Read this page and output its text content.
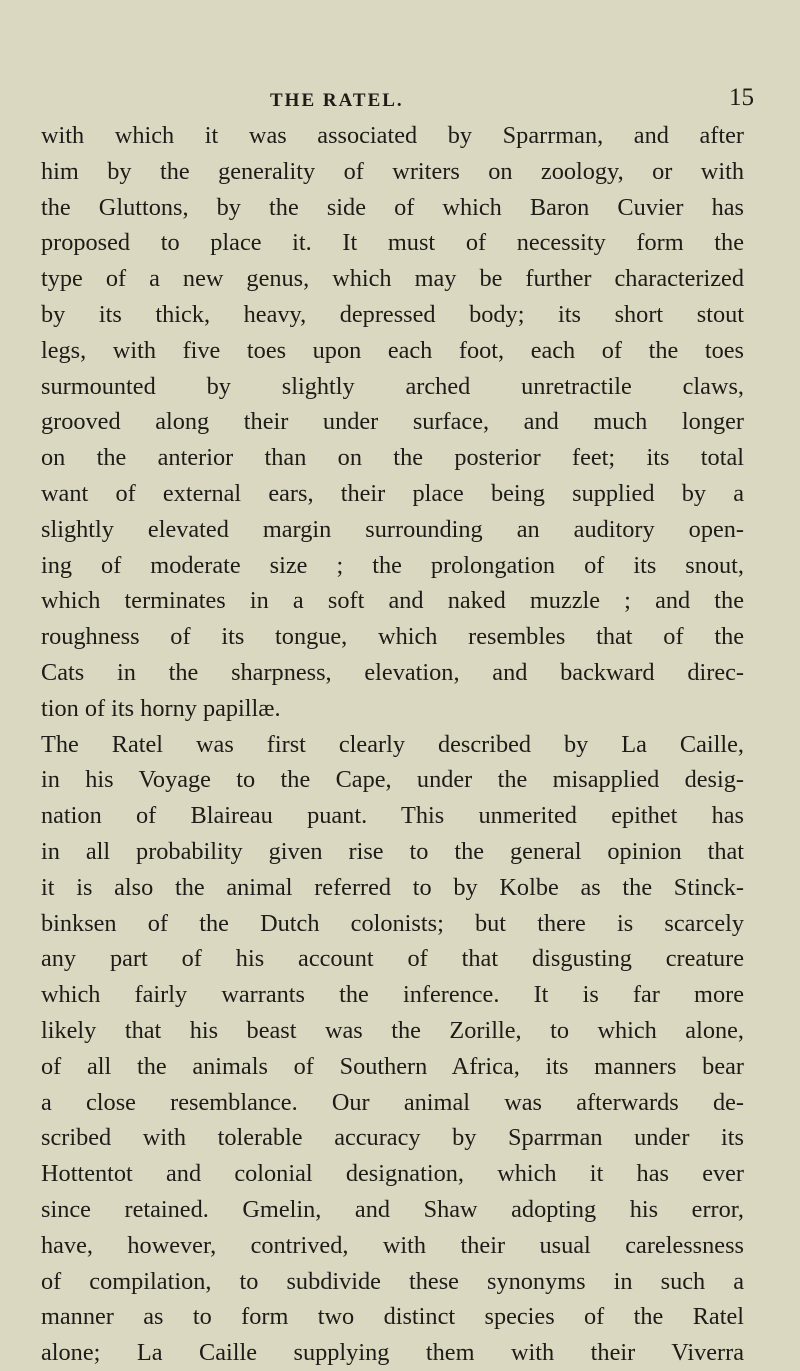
THE RATEL.	15
with which it was associated by Sparrman, and after
him by the generality of writers on zoology, or with
the Gluttons, by the side of which Baron Cuvier has
proposed to place it. It must of necessity form the
type of a new genus, which may be further characterized
by its thick, heavy, depressed body; its short stout
legs, with five toes upon each foot, each of the toes
surmounted by slightly arched unretractile claws,
grooved along their under surface, and much longer
on the anterior than on the posterior feet; its total
want of external ears, their place being supplied by a
slightly elevated margin surrounding an auditory open-
ing of moderate size ; the prolongation of its snout,
which terminates in a soft and naked muzzle ; and the
roughness of its tongue, which resembles that of the
Cats in the sharpness, elevation, and backward direc-
tion of its horny papillæ.
The Ratel was first clearly described by La Caille,
in his Voyage to the Cape, under the misapplied desig-
nation of Blaireau puant. This unmerited epithet has
in all probability given rise to the general opinion that
it is also the animal referred to by Kolbe as the Stinck-
binksen of the Dutch colonists; but there is scarcely
any part of his account of that disgusting creature
which fairly warrants the inference. It is far more
likely that his beast was the Zorille, to which alone,
of all the animals of Southern Africa, its manners bear
a close resemblance. Our animal was afterwards de-
scribed with tolerable accuracy by Sparrman under its
Hottentot and colonial designation, which it has ever
since retained. Gmelin, and Shaw adopting his error,
have, however, contrived, with their usual carelessness
of compilation, to subdivide these synonyms in such a
manner as to form two distinct species of the Ratel
alone; La Caille supplying them with their Viverra
